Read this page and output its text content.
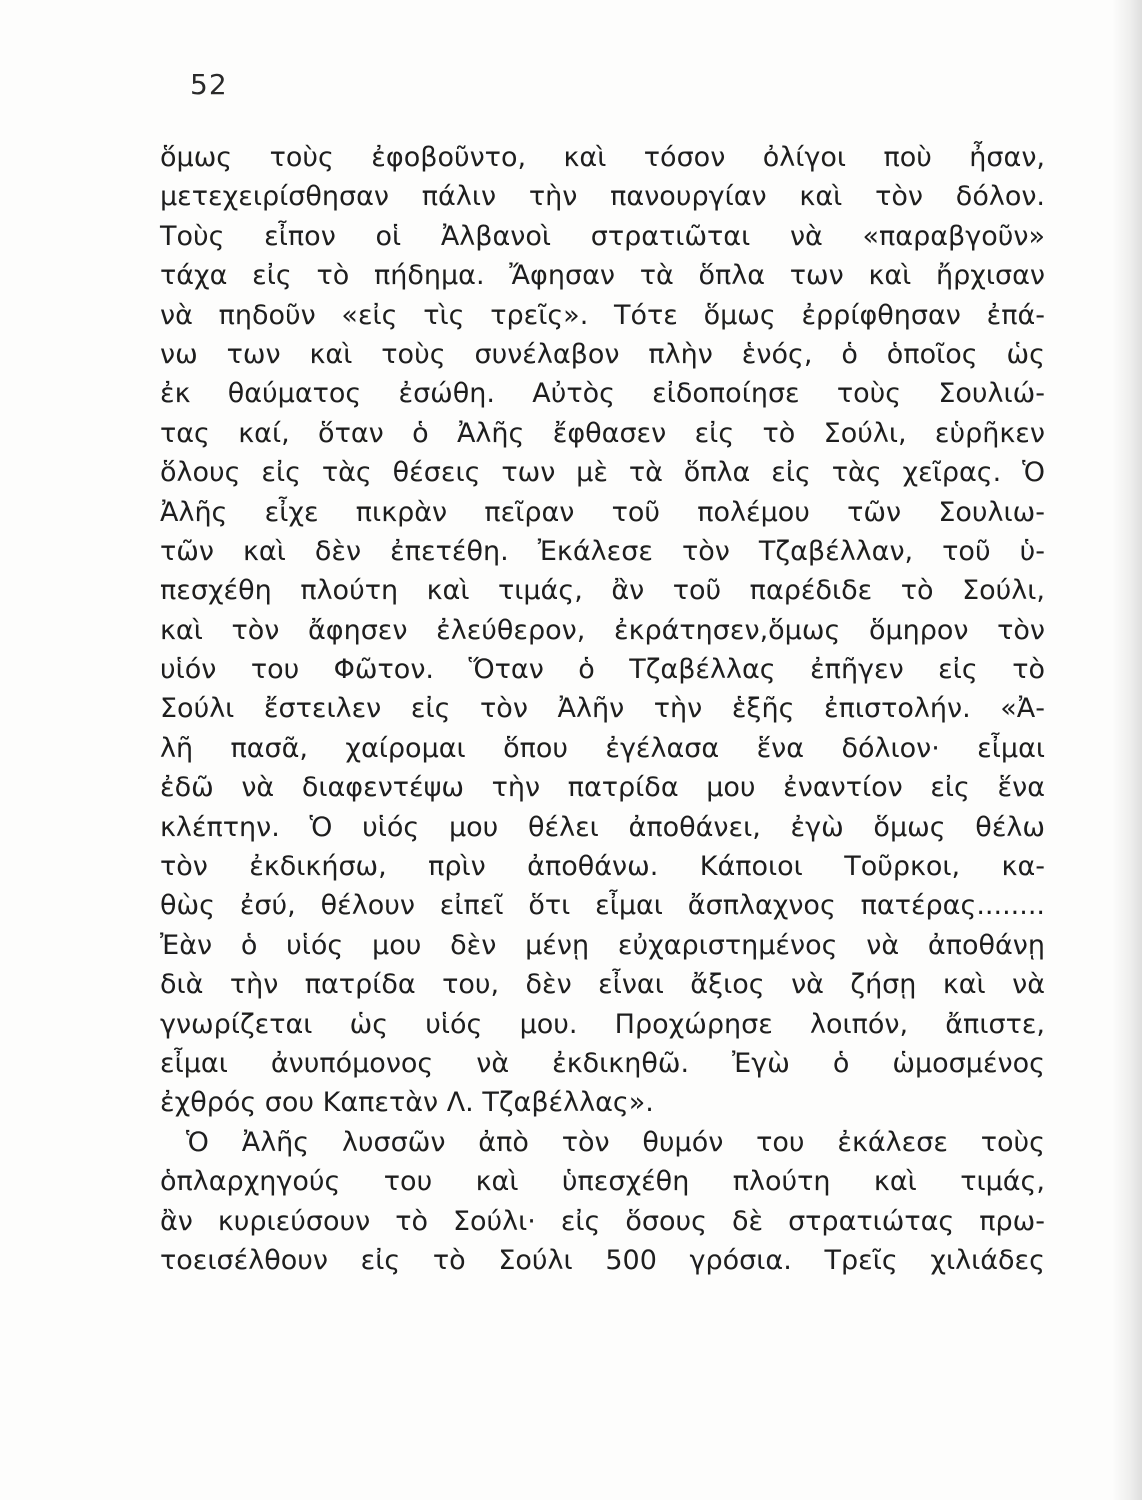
52
ὅμως τοὺς ἐφοβοῦντο, καὶ τόσον ὀλίγοι ποὺ ἦσαν,
μετεχειρίσθησαν πάλιν τὴν πανουργίαν καὶ τὸν δόλον.
Τοὺς εἶπον οἱ Ἀλβανοὶ στρατιῶται νὰ «παραβγοῦν»
τάχα εἰς τὸ πήδημα. Ἄφησαν τὰ ὅπλα των καὶ ἤρχισαν
νὰ πηδοῦν «εἰς τὶς τρεῖς». Τότε ὅμως ἐρρίφθησαν ἐπά-
νω των καὶ τοὺς συνέλαβον πλὴν ἑνός, ὁ ὁποῖος ὡς
ἐκ θαύματος ἐσώθη. Αὐτὸς εἰδοποίησε τοὺς Σουλιώ-
τας καί, ὅταν ὁ Ἀλῆς ἔφθασεν εἰς τὸ Σούλι, εὑρῆκεν
ὅλους εἰς τὰς θέσεις των μὲ τὰ ὅπλα εἰς τὰς χεῖρας. Ὁ
Ἀλῆς εἶχε πικρὰν πεῖραν τοῦ πολέμου τῶν Σουλιω-
τῶν καὶ δὲν ἐπετέθη. Ἐκάλεσε τὸν Τζαβέλλαν, τοῦ ὑ-
πεσχέθη πλούτη καὶ τιμάς, ἂν τοῦ παρέδιδε τὸ Σούλι,
καὶ τὸν ἄφησεν ἐλεύθερον, ἐκράτησεν,ὅμως ὅμηρον τὸν
υἱόν του Φῶτον. Ὅταν ὁ Τζαβέλλας ἐπῆγεν εἰς τὸ
Σούλι ἔστειλεν εἰς τὸν Ἀλῆν τὴν ἑξῆς ἐπιστολήν. «Ἀ-
λῆ πασᾶ, χαίρομαι ὅπου ἐγέλασα ἕνα δόλιον· εἶμαι
ἐδῶ νὰ διαφεντέψω τὴν πατρίδα μου ἐναντίον εἰς ἕνα
κλέπτην. Ὁ υἱός μου θέλει ἀποθάνει, ἐγὼ ὅμως θέλω
τὸν ἐκδικήσω, πρὶν ἀποθάνω. Κάποιοι Τοῦρκοι, κα-
θὼς ἐσύ, θέλουν εἰπεῖ ὅτι εἶμαι ἄσπλαχνος πατέρας........
Ἐὰν ὁ υἱός μου δὲν μένῃ εὐχαριστημένος νὰ ἀποθάνῃ
διὰ τὴν πατρίδα του, δὲν εἶναι ἄξιος νὰ ζήσῃ καὶ νὰ
γνωρίζεται ὡς υἱός μου. Προχώρησε λοιπόν, ἄπιστε,
εἶμαι ἀνυπόμονος νὰ ἐκδικηθῶ. Ἐγὼ ὁ ὡμοσμένος
ἐχθρός σου Καπετὰν Λ. Τζαβέλλας».
Ὁ Ἀλῆς λυσσῶν ἀπὸ τὸν θυμόν του ἐκάλεσε τοὺς
ὁπλαρχηγούς του καὶ ὑπεσχέθη πλούτη καὶ τιμάς,
ἂν κυριεύσουν τὸ Σούλι· εἰς ὅσους δὲ στρατιώτας πρω-
τοεισέλθουν εἰς τὸ Σούλι 500 γρόσια. Τρεῖς χιλιάδες
